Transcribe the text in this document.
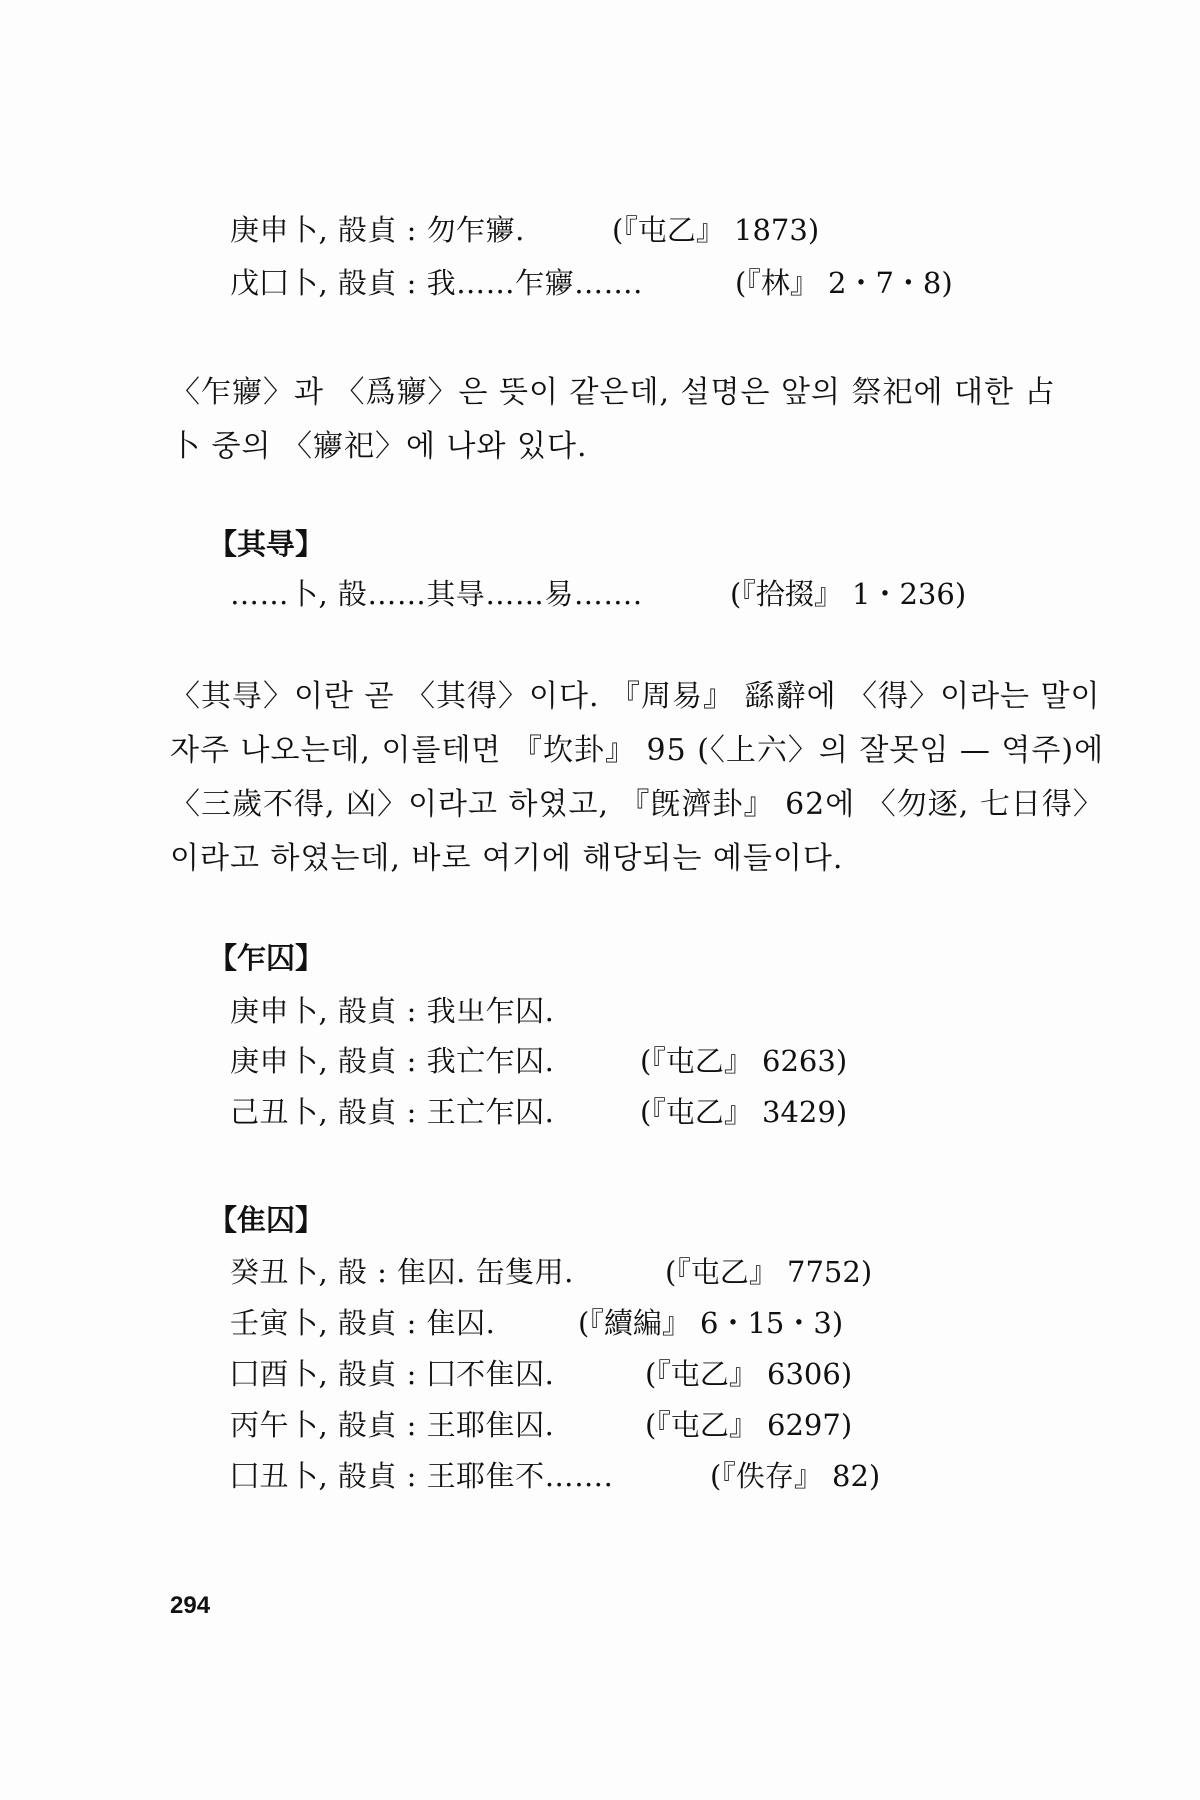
庚申卜, 㱿貞 : 勿乍㝱.	(『屯乙』 1873)
戊囗卜, 㱿貞 : 我……乍㝱…….	(『林』 2・7・8)
〈乍㝱〉과 〈爲㝱〉은 뜻이 같은데, 설명은 앞의 祭祀에 대한 占
卜 중의 〈㝱祀〉에 나와 있다.
【其㝵】
……卜, 㱿……其㝵……易…….	(『拾掇』 1・236)
〈其㝵〉이란 곧 〈其得〉이다. 『周易』 繇辭에 〈得〉이라는 말이
자주 나오는데, 이를테면 『坎卦』 95 (〈上六〉의 잘못임 — 역주)에
〈三歲不得, 凶〉이라고 하였고, 『旣濟卦』 62에 〈勿逐, 七日得〉
이라고 하였는데, 바로 여기에 해당되는 예들이다.
【乍囚】
庚申卜, 㱿貞 : 我㞢乍囚.
庚申卜, 㱿貞 : 我亡乍囚.	(『屯乙』 6263)
己丑卜, 㱿貞 : 王亡乍囚.	(『屯乙』 3429)
【隹囚】
癸丑卜, 㱿 : 隹囚. 缶隻用.	(『屯乙』 7752)
壬寅卜, 㱿貞 : 隹囚.	(『續編』 6・15・3)
囗酉卜, 㱿貞 : 囗不隹囚.	(『屯乙』 6306)
丙午卜, 㱿貞 : 王耶隹囚.	(『屯乙』 6297)
囗丑卜, 㱿貞 : 王耶隹不…….	(『佚存』 82)
294
